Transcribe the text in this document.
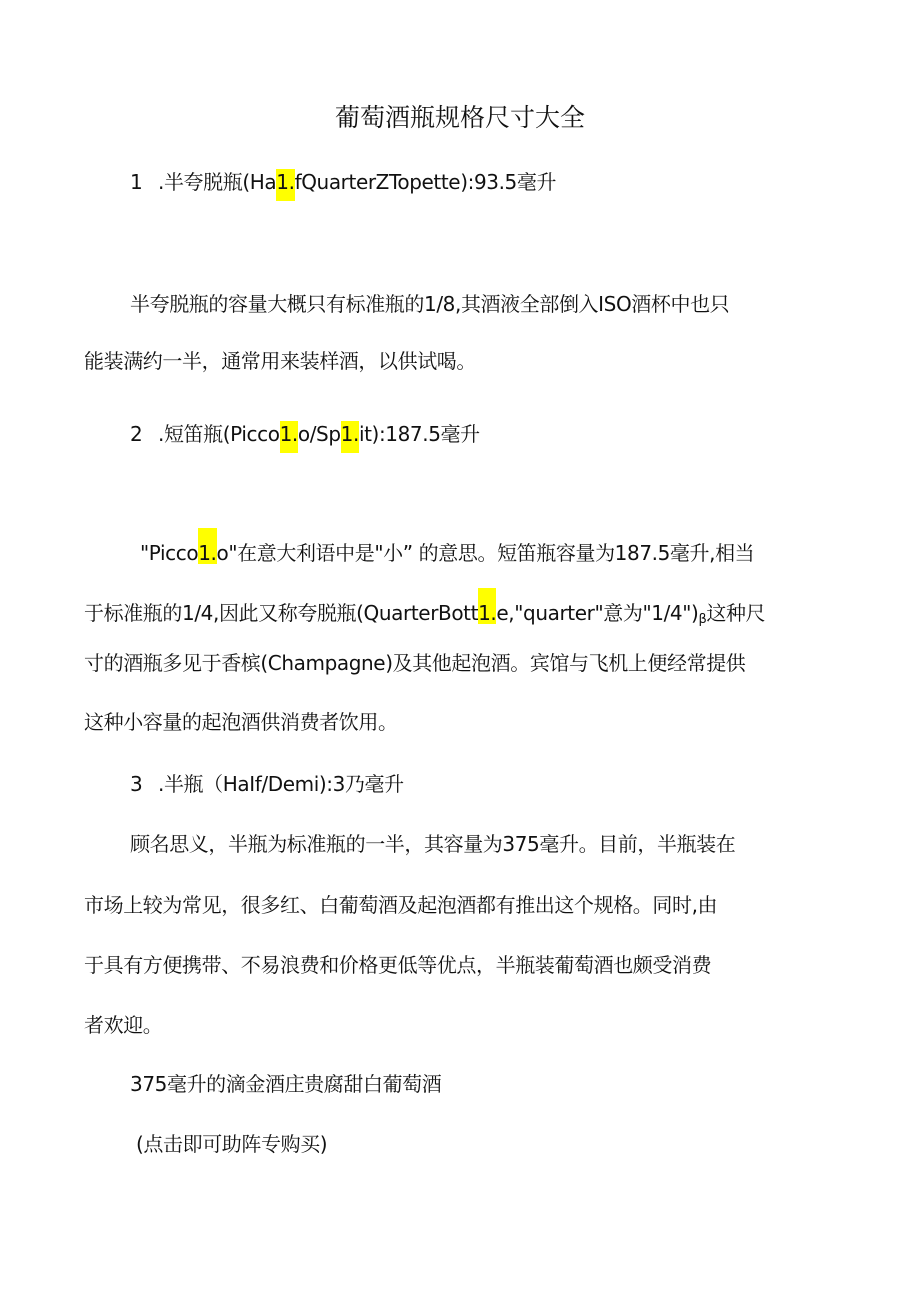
葡萄酒瓶规格尺寸大全
1 .半夸脱瓶(Ha1.fQuarterZTopette):93.5毫升
半夸脱瓶的容量大概只有标准瓶的1/8,其酒液全部倒入ISO酒杯中也只
能装满约一半，通常用来装样酒，以供试喝。
2 .短笛瓶(Picco1.o/Sp1.it):187.5毫升
"Picco1.o"在意大利语中是"小” 的意思。短笛瓶容量为187.5毫升,相当
于标准瓶的1/4,因此又称夸脱瓶(QuarterBott1.e,"quarter"意为"1/4")β这种尺
寸的酒瓶多见于香槟(Champagne)及其他起泡酒。宾馆与飞机上便经常提供
这种小容量的起泡酒供消费者饮用。
3 .半瓶（HaIf/Demi):3乃毫升
顾名思义，半瓶为标准瓶的一半，其容量为375毫升。目前，半瓶装在
市场上较为常见，很多红、白葡萄酒及起泡酒都有推出这个规格。同时,由
于具有方便携带、不易浪费和价格更低等优点，半瓶装葡萄酒也颇受消费
者欢迎。
375毫升的滴金酒庄贵腐甜白葡萄酒
(点击即可助阵专购买)
